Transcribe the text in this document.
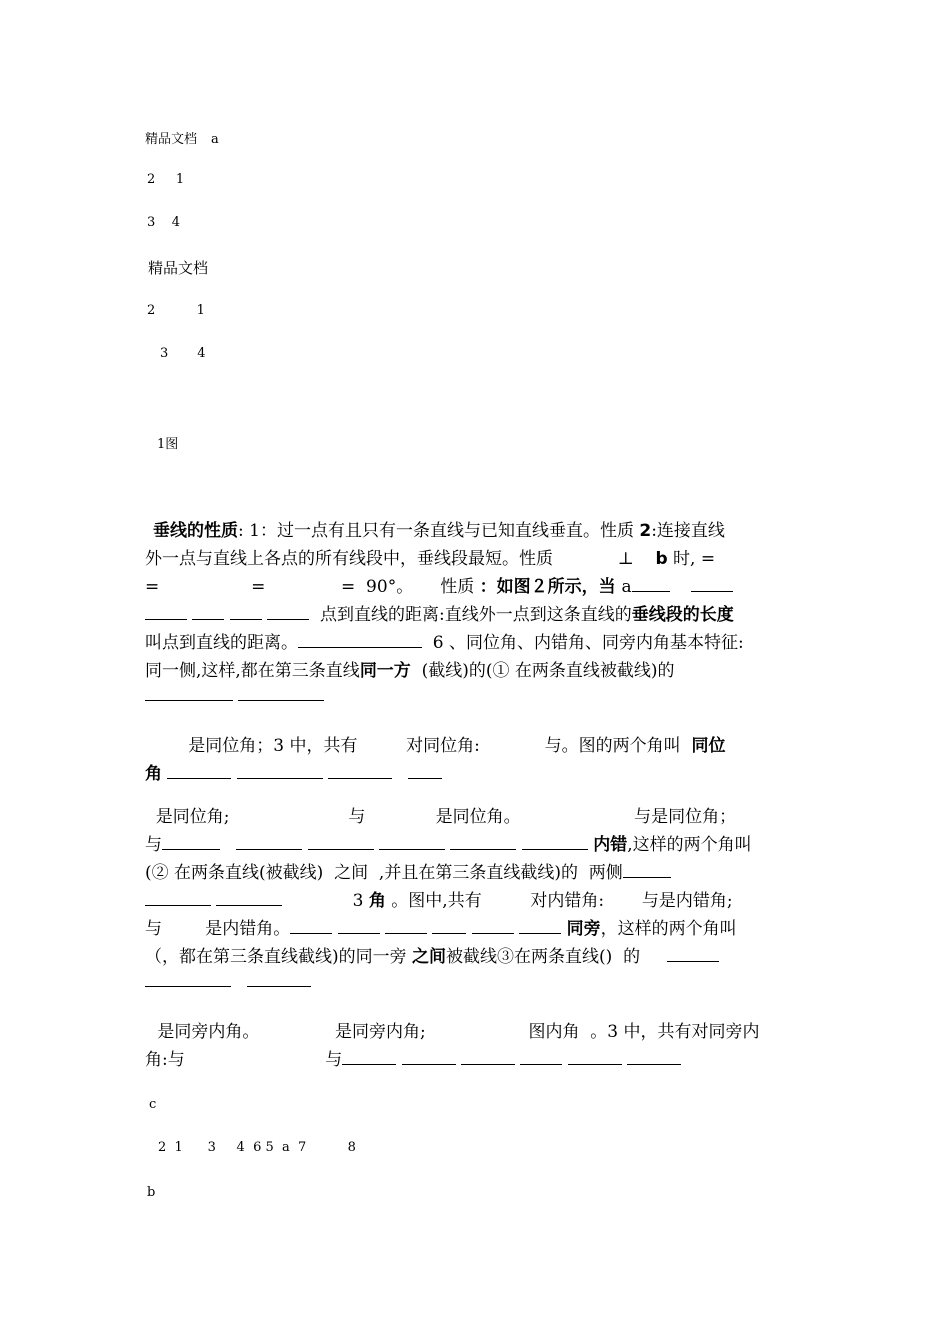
精品文档 a
2     1
3    4
精品文档
2          1
3       4
1图
垂线的性质: 1：过一点有且只有一条直线与已知直线垂直。性质 2:连接直线
外一点与直线上各点的所有线段中，垂线段最短。性质            ⊥    b 时, =
=                 =              =  90°。     性质 ：如图２所示，当 a
点到直线的距离:直线外一点到这条直线的垂线段的长度
叫点到直线的距离。	6 、同位角、内错角、同旁内角基本特征:
同一侧,这样,都在第三条直线同一方  (截线)的(① 在两条直线被截线)的

是同位角；3 中，共有         对同位角:            与。图的两个角叫  同位
角
是同位角;                      与             是同位角。                     与是同位角；
与	内错,这样的两个角叫
(② 在两条直线(被截线)  之间  ,并且在第三条直线截线)的  两侧
3 角 。图中,共有         对内错角:       与是内错角;
与        是内错角。	同旁，这样的两个角叫
（，都在第三条直线截线)的同一旁 之间被截线③在两条直线()  的

是同旁内角。              是同旁内角;                   图内角  。3 中，共有对同旁内
角:与                          与
c
2  1      3     4  6 5  a  7          8
b
